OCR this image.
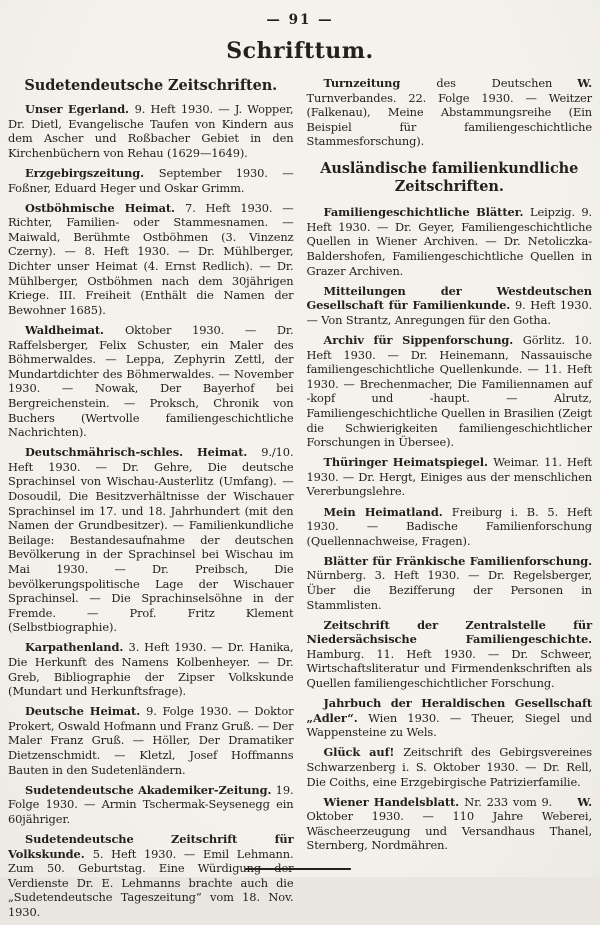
— 91 —
Schrifttum.
Sudetendeutsche Zeitschriften.

Unser Egerland. 9. Heft 1930. — J. Wopper, Dr. Dietl, Evangelische Taufen von Kindern aus dem Ascher und Roßbacher Gebiet in den Kirchenbüchern von Rehau (1629—1649).

Erzgebirgszeitung. September 1930. — Foßner, Eduard Heger und Oskar Grimm.

Ostböhmische Heimat. 7. Heft 1930. — Richter, Familien- oder Stammesnamen. — Maiwald, Berühmte Ostböhmen (3. Vinzenz Czerny). — 8. Heft 1930. — Dr. Mühlberger, Dichter unser Heimat (4. Ernst Redlich). — Dr. Mühlberger, Ostböhmen nach dem 30jährigen Kriege. III. Freiheit (Enthält die Namen der Bewohner 1685).

Waldheimat. Oktober 1930. — Dr. Raffelsberger, Felix Schuster, ein Maler des Böhmerwaldes. — Leppa, Zephyrin Zettl, der Mundartdichter des Böhmerwaldes. — November 1930. — Nowak, Der Bayerhof bei Bergreichenstein. — Proksch, Chronik von Buchers (Wertvolle familiengeschichtliche Nachrichten).

Deutschmährisch-schles. Heimat. 9./10. Heft 1930. — Dr. Gehre, Die deutsche Sprachinsel von Wischau-Austerlitz (Umfang). — Dosoudil, Die Besitzverhältnisse der Wischauer Sprachinsel im 17. und 18. Jahrhundert (mit den Namen der Grundbesitzer). — Familienkundliche Beilage: Bestandesaufnahme der deutschen Bevölkerung in der Sprachinsel bei Wischau im Mai 1930. — Dr. Preibsch, Die bevölkerungspolitische Lage der Wischauer Sprachinsel. — Die Sprachinselsöhne in der Fremde. — Prof. Fritz Klement (Selbstbiographie).

Karpathenland. 3. Heft 1930. — Dr. Hanika, Die Herkunft des Namens Kolbenheyer. — Dr. Greb, Bibliographie der Zipser Volkskunde (Mundart und Herkunftsfrage).

Deutsche Heimat. 9. Folge 1930. — Doktor Prokert, Oswald Hofmann und Franz Gruß. — Der Maler Franz Gruß. — Höller, Der Dramatiker Dietzenschmidt. — Kletzl, Josef Hoffmanns Bauten in den Sudetenländern.

Sudetendeutsche Akademiker-Zeitung. 19. Folge 1930. — Armin Tschermak-Seysenegg ein 60jähriger.

Sudetendeutsche Zeitschrift für Volkskunde. 5. Heft 1930. — Emil Lehmann. Zum 50. Geburtstag. Eine Würdigung der Verdienste Dr. E. Lehmanns brachte auch die „Sudetendeutsche Tageszeitung“ vom 18. Nov. 1930.

Turnzeitung	W.
des Deutschen Turnverbandes. 22. Folge 1930. — Weitzer (Falkenau), Meine Abstammungsreihe (Ein Beispiel für familiengeschichtliche Stammesforschung).

Ausländische familienkundliche Zeitschriften.

Familiengeschichtliche Blätter. Leipzig. 9. Heft 1930. — Dr. Geyer, Familiengeschichtliche Quellen in Wiener Archiven. — Dr. Netoliczka-Baldershofen, Familiengeschichtliche Quellen in Grazer Archiven.

Mitteilungen der Westdeutschen Gesellschaft für Familienkunde. 9. Heft 1930. — Von Strantz, Anregungen für den Gotha.

Archiv für Sippenforschung. Görlitz. 10. Heft 1930. — Dr. Heinemann, Nassauische familiengeschichtliche Quellenkunde. — 11. Heft 1930. — Brechenmacher, Die Familiennamen auf -kopf und -haupt. — Alrutz, Familiengeschichtliche Quellen in Brasilien (Zeigt die Schwierigkeiten familiengeschichtlicher Forschungen in Übersee).

Thüringer Heimatspiegel. Weimar. 11. Heft 1930. — Dr. Hergt, Einiges aus der menschlichen Vererbungslehre.

Mein Heimatland. Freiburg i. B. 5. Heft 1930. — Badische Familienforschung (Quellennachweise, Fragen).

Blätter für Fränkische Familienforschung.Nürnberg. 3. Heft 1930. — Dr. Regelsberger, Über die Bezifferung der Personen in Stammlisten.

Zeitschrift der Zentralstelle für Niedersächsische Familiengeschichte.Hamburg. 11. Heft 1930. — Dr. Schweer, Wirtschaftsliteratur und Firmendenkschriften als Quellen familiengeschichtlicher Forschung.

Jahrbuch der Heraldischen Gesellschaft „Adler“. Wien 1930. — Theuer, Siegel und Wappensteine zu Wels.

Glück auf! Zeitschrift des Gebirgsvereines Schwarzenberg i. S. Oktober 1930. — Dr. Rell, Die Coiths, eine Erzgebirgische Patrizierfamilie.

Wiener Handelsblatt.	W.
Nr. 233 vom 9. Oktober 1930. — 110 Jahre Weberei, Wäscheerzeugung und Versandhaus Thanel, Sternberg, Nordmähren.
